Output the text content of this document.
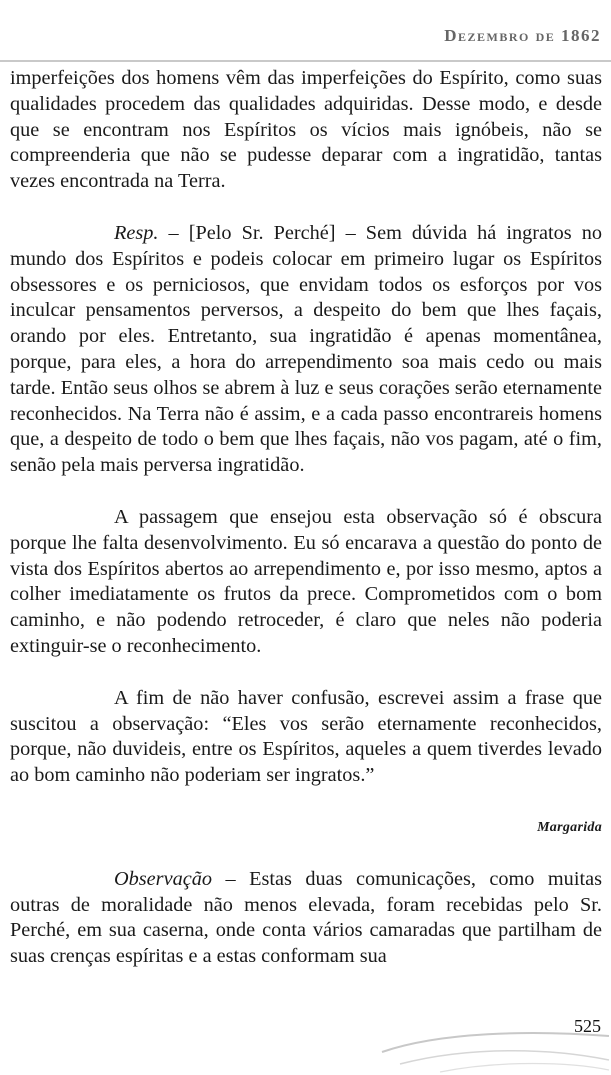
Dezembro de 1862

imperfeições dos homens vêm das imperfeições do Espírito, como suas qualidades procedem das qualidades adquiridas. Desse modo, e desde que se encontram nos Espíritos os vícios mais ignóbeis, não se compreenderia que não se pudesse deparar com a ingratidão, tantas vezes encontrada na Terra.

Resp. – [Pelo Sr. Perché] – Sem dúvida há ingratos no mundo dos Espíritos e podeis colocar em primeiro lugar os Espíritos obsessores e os perniciosos, que envidam todos os esforços por vos inculcar pensamentos perversos, a despeito do bem que lhes façais, orando por eles. Entretanto, sua ingratidão é apenas momentânea, porque, para eles, a hora do arrependimento soa mais cedo ou mais tarde. Então seus olhos se abrem à luz e seus corações serão eternamente reconhecidos. Na Terra não é assim, e a cada passo encontrareis homens que, a despeito de todo o bem que lhes façais, não vos pagam, até o fim, senão pela mais perversa ingratidão.

A passagem que ensejou esta observação só é obscura porque lhe falta desenvolvimento. Eu só encarava a questão do ponto de vista dos Espíritos abertos ao arrependimento e, por isso mesmo, aptos a colher imediatamente os frutos da prece. Comprometidos com o bom caminho, e não podendo retroceder, é claro que neles não poderia extinguir-se o reconhecimento.

A fim de não haver confusão, escrevei assim a frase que suscitou a observação: “Eles vos serão eternamente reconhecidos, porque, não duvideis, entre os Espíritos, aqueles a quem tiverdes levado ao bom caminho não poderiam ser ingratos.”

Margarida

Observação – Estas duas comunicações, como muitas outras de moralidade não menos elevada, foram recebidas pelo Sr. Perché, em sua caserna, onde conta vários camaradas que partilham de suas crenças espíritas e a estas conformam sua

525
